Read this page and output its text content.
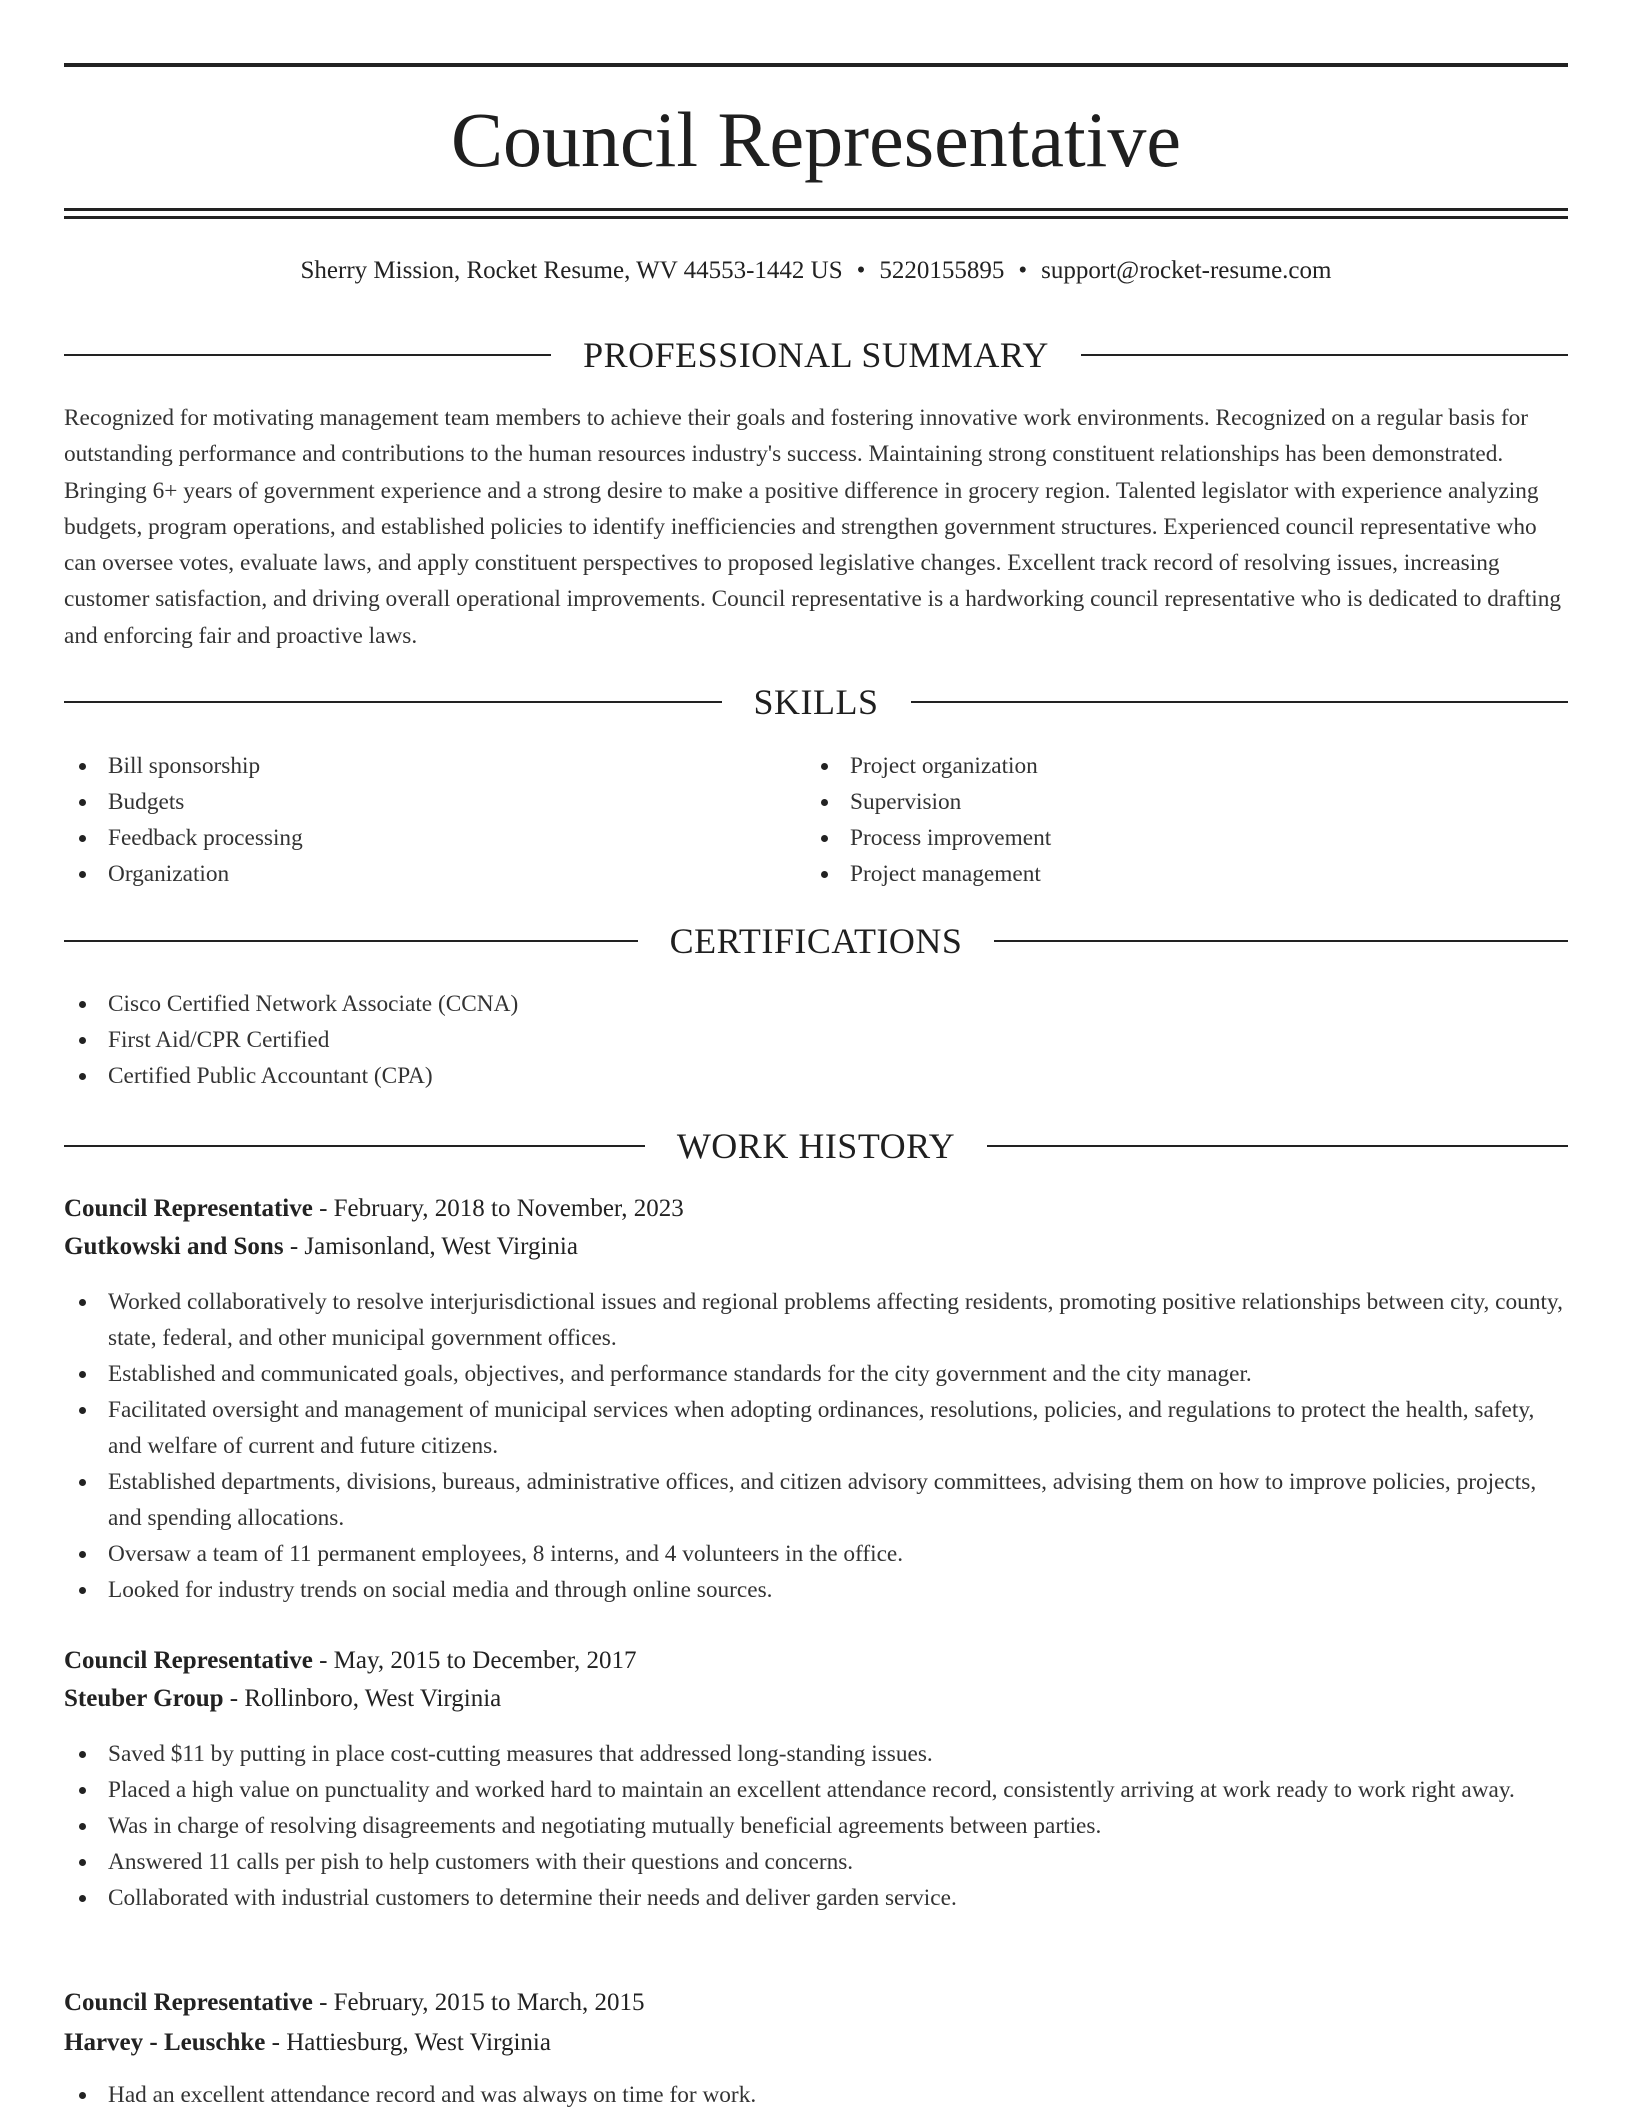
Council Representative
Sherry Mission, Rocket Resume, WV 44553-1442 US • 5220155895 • support@rocket-resume.com
PROFESSIONAL SUMMARY

Recognized for motivating management team members to achieve their goals and fostering innovative work environments. Recognized on a regular basis for outstanding performance and contributions to the human resources industry's success. Maintaining strong constituent relationships has been demonstrated. Bringing 6+ years of government experience and a strong desire to make a positive difference in grocery region. Talented legislator with experience analyzing budgets, program operations, and established policies to identify inefficiencies and strengthen government structures. Experienced council representative who can oversee votes, evaluate laws, and apply constituent perspectives to proposed legislative changes. Excellent track record of resolving issues, increasing customer satisfaction, and driving overall operational improvements. Council representative is a hardworking council representative who is dedicated to drafting and enforcing fair and proactive laws.

SKILLS
Bill sponsorship
Budgets
Feedback processing
Organization
Project organization
Supervision
Process improvement
Project management
CERTIFICATIONS
Cisco Certified Network Associate (CCNA)
First Aid/CPR Certified
Certified Public Accountant (CPA)
WORK HISTORY
Council Representative - February, 2018 to November, 2023
Gutkowski and Sons - Jamisonland, West Virginia
Worked collaboratively to resolve interjurisdictional issues and regional problems affecting residents, promoting positive relationships between city, county, state, federal, and other municipal government offices.
Established and communicated goals, objectives, and performance standards for the city government and the city manager.
Facilitated oversight and management of municipal services when adopting ordinances, resolutions, policies, and regulations to protect the health, safety, and welfare of current and future citizens.
Established departments, divisions, bureaus, administrative offices, and citizen advisory committees, advising them on how to improve policies, projects, and spending allocations.
Oversaw a team of 11 permanent employees, 8 interns, and 4 volunteers in the office.
Looked for industry trends on social media and through online sources.
Council Representative - May, 2015 to December, 2017
Steuber Group - Rollinboro, West Virginia
Saved $11 by putting in place cost-cutting measures that addressed long-standing issues.
Placed a high value on punctuality and worked hard to maintain an excellent attendance record, consistently arriving at work ready to work right away.
Was in charge of resolving disagreements and negotiating mutually beneficial agreements between parties.
Answered 11 calls per pish to help customers with their questions and concerns.
Collaborated with industrial customers to determine their needs and deliver garden service.
Council Representative - February, 2015 to March, 2015
Harvey - Leuschke - Hattiesburg, West Virginia
Had an excellent attendance record and was always on time for work.
